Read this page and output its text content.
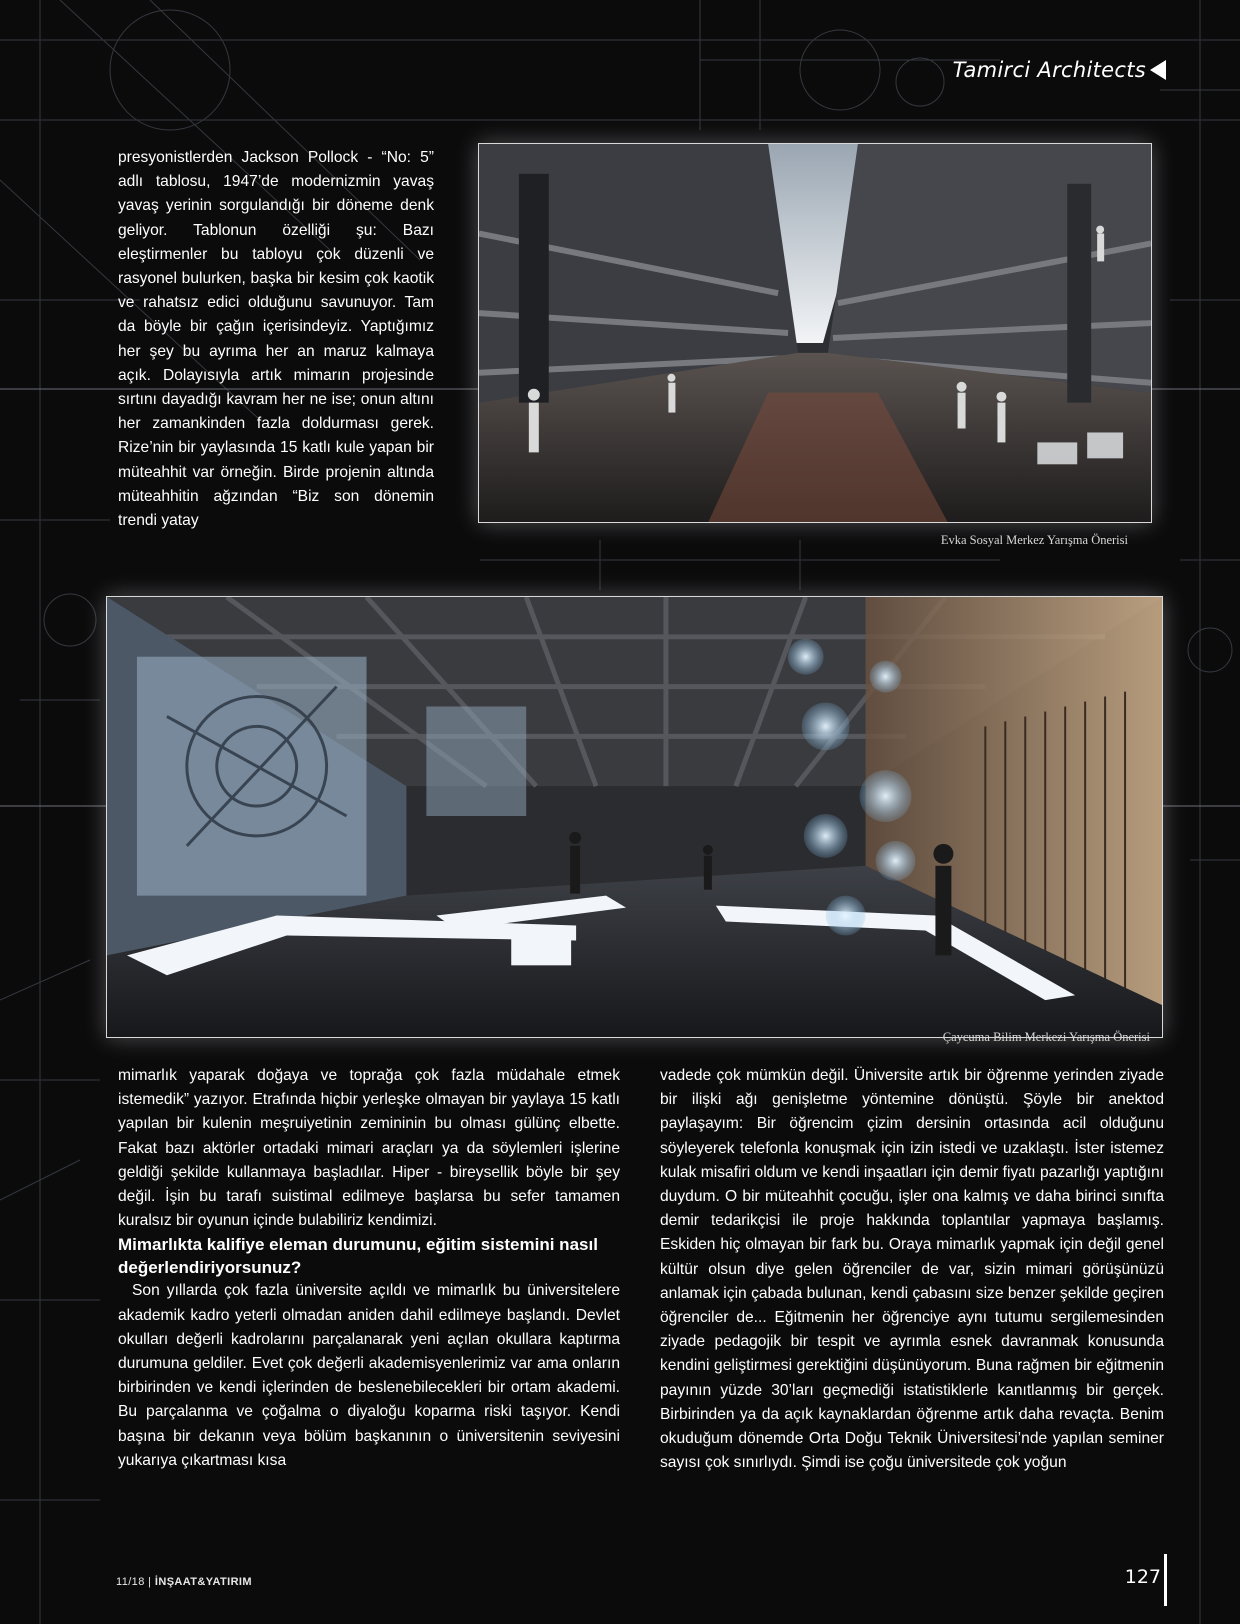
Tamirci Architects

presyonistlerden Jackson Pollock - “No: 5” adlı tablosu, 1947’de modernizmin yavaş yavaş yerinin sorgulandığı bir döneme denk geliyor. Tablonun özelliği şu: Bazı eleştirmenler bu tabloyu çok düzenli ve rasyonel bulurken, başka bir kesim çok kaotik ve rahatsız edici olduğunu savunuyor. Tam da böyle bir çağın içerisindeyiz. Yaptığımız her şey bu ayrıma her an maruz kalmaya açık. Dolayısıyla artık mimarın projesinde sırtını dayadığı kavram her ne ise; onun altını her zamankinden fazla doldurması gerek. Rize’nin bir yaylasında 15 katlı kule yapan bir müteahhit var örneğin. Birde projenin altında müteahhitin ağzından “Biz son dönemin trendi yatay

Evka Sosyal Merkez Yarışma Önerisi
Çaycuma Bilim Merkezi Yarışma Önerisi

mimarlık yaparak doğaya ve toprağa çok fazla müdahale etmek istemedik” yazıyor. Etrafında hiçbir yerleşke olmayan bir yaylaya 15 katlı yapılan bir kulenin meşruiyetinin zemininin bu olması gülünç elbette. Fakat bazı aktörler ortadaki mimari araçları ya da söylemleri işlerine geldiği şekilde kullanmaya başladılar. Hiper - bireysellik böyle bir şey değil. İşin bu tarafı suistimal edilmeye başlarsa bu sefer tamamen kuralsız bir oyunun içinde bulabiliriz kendimizi.

Mimarlıkta kalifiye eleman durumunu, eğitim sistemini nasıl değerlendiriyorsunuz?

Son yıllarda çok fazla üniversite açıldı ve mimarlık bu üniversitelere akademik kadro yeterli olmadan aniden dahil edilmeye başlandı. Devlet okulları değerli kadrolarını parçalanarak yeni açılan okullara kaptırma durumuna geldiler. Evet çok değerli akademisyenlerimiz var ama onların birbirinden ve kendi içlerinden de beslenebilecekleri bir ortam akademi. Bu parçalanma ve çoğalma o diyaloğu koparma riski taşıyor. Kendi başına bir dekanın veya bölüm başkanının o üniversitenin seviyesini yukarıya çıkartması kısa

vadede çok mümkün değil. Üniversite artık bir öğrenme yerinden ziyade bir ilişki ağı genişletme yöntemine dönüştü. Şöyle bir anektod paylaşayım: Bir öğrencim çizim dersinin ortasında acil olduğunu söyleyerek telefonla konuşmak için izin istedi ve uzaklaştı. İster istemez kulak misafiri oldum ve kendi inşaatları için demir fiyatı pazarlığı yaptığını duydum. O bir müteahhit çocuğu, işler ona kalmış ve daha birinci sınıfta demir tedarikçisi ile proje hakkında toplantılar yapmaya başlamış. Eskiden hiç olmayan bir fark bu. Oraya mimarlık yapmak için değil genel kültür olsun diye gelen öğrenciler de var, sizin mimari görüşünüzü anlamak için çabada bulunan, kendi çabasını size benzer şekilde geçiren öğrenciler de... Eğitmenin her öğrenciye aynı tutumu sergilemesinden ziyade pedagojik bir tespit ve ayrımla esnek davranmak konusunda kendini geliştirmesi gerektiğini düşünüyorum. Buna rağmen bir eğitmenin payının yüzde 30’ları geçmediği istatistiklerle kanıtlanmış bir gerçek. Birbirinden ya da açık kaynaklardan öğrenme artık daha revaçta. Benim okuduğum dönemde Orta Doğu Teknik Üniversitesi’nde yapılan seminer sayısı çok sınırlıydı. Şimdi ise çoğu üniversitede çok yoğun

11/18 | İNŞAAT&YATIRIM	127
